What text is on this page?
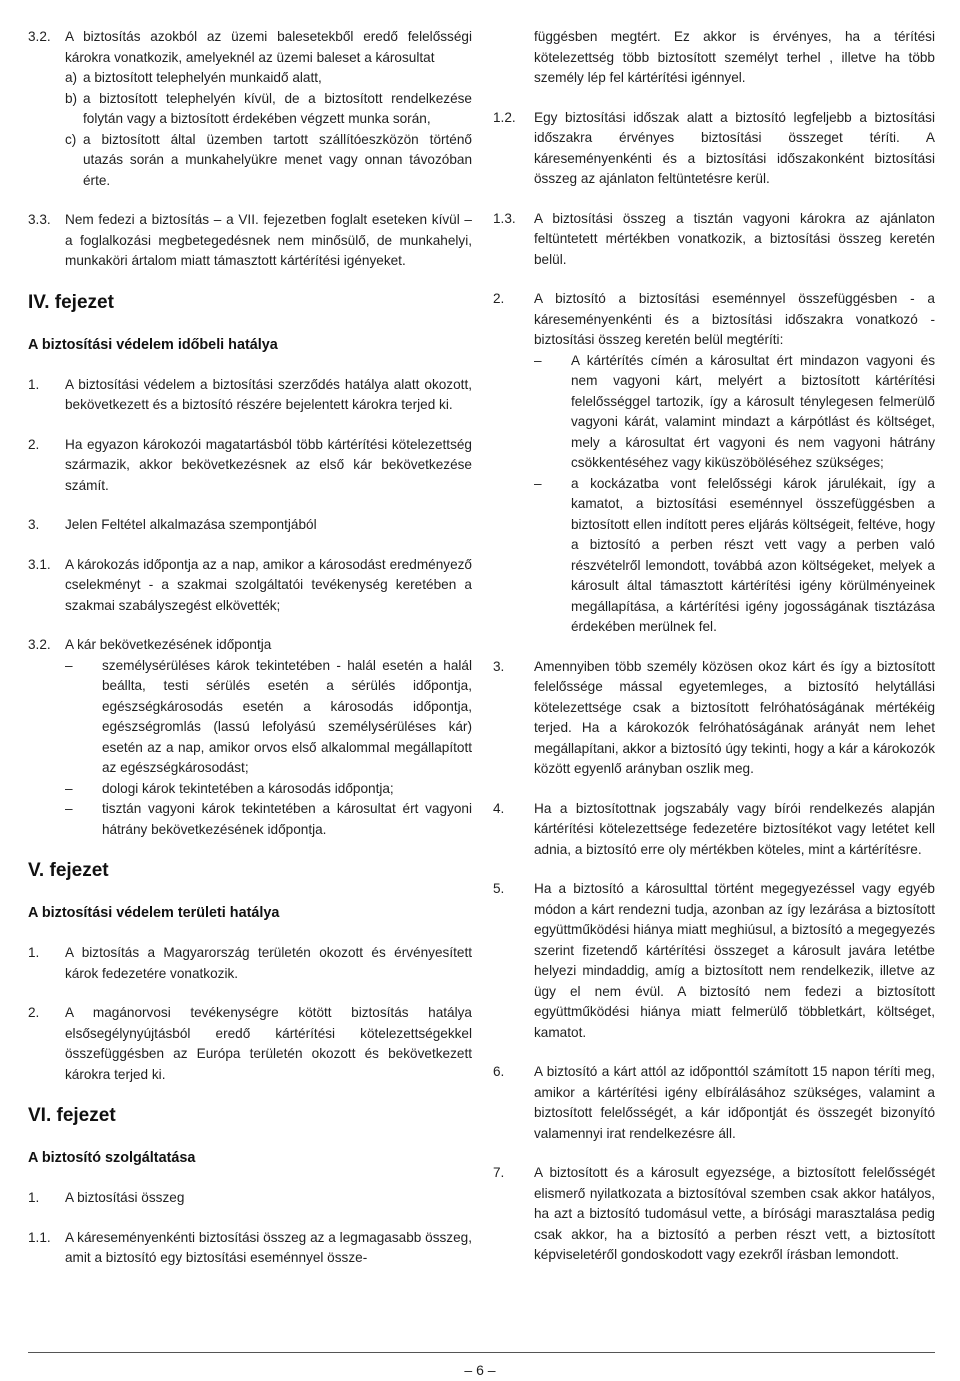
3.2.	A biztosítás azokból az üzemi balesetekből eredő felelősségi károkra vonatkozik, amelyeknél az üzemi baleset a károsultat

a) a biztosított telephelyén munkaidő alatt,
b) a biztosított telephelyén kívül, de a biztosított rendelkezése folytán vagy a biztosított érdekében végzett munka során,
c) a biztosított által üzemben tartott szállítóeszközön történő utazás során a munkahelyükre menet vagy onnan távozóban érte.
3.3.	Nem fedezi a biztosítás – a VII. fejezetben foglalt eseteken kívül – a foglalkozási megbetegedésnek nem minősülő, de munkahelyi, munkaköri ártalom miatt támasztott kártérítési igényeket.
IV. fejezet
A biztosítási védelem időbeli hatálya
1.	A biztosítási védelem a biztosítási szerződés hatálya alatt okozott, bekövetkezett és a biztosító részére bejelentett károkra terjed ki.
2.	Ha egyazon károkozói magatartásból több kártérítési kötelezettség származik, akkor bekövetkezésnek az első kár bekövetkezése számít.
3.	Jelen Feltétel alkalmazása szempontjából
3.1.	A károkozás időpontja az a nap, amikor a károsodást eredményező cselekményt - a szakmai szolgáltatói tevékenység keretében a szakmai szabályszegést elkövették;
3.2.	A kár bekövetkezésének időpontja

–
személysérüléses károk tekintetében - halál esetén a halál beállta, testi sérülés esetén a sérülés időpontja, egészségkárosodás esetén a károsodás időpontja, egészségromlás (lassú lefolyású személysérüléses kár) esetén az a nap, amikor orvos első alkalommal megállapított az egészségkárosodást;
–
dologi károk tekintetében a károsodás időpontja;
–
tisztán vagyoni károk tekintetében a károsultat ért vagyoni hátrány bekövetkezésének időpontja.
V. fejezet
A biztosítási védelem területi hatálya
1.	A biztosítás a Magyarország területén okozott és érvényesített károk fedezetére vonatkozik.
2.	A magánorvosi tevékenységre kötött biztosítás hatálya elsősegélynyújtásból eredő kártérítési kötelezettségekkel összefüggésben az Európa területén okozott és bekövetkezett károkra terjed ki.
VI. fejezet
A biztosító szolgáltatása
1.	A biztosítási összeg
1.1.	A káreseményenkénti biztosítási összeg az a legmagasabb összeg, amit a biztosító egy biztosítási eseménnyel össze-
függésben megtért. Ez akkor is érvényes, ha a térítési kötelezettség több biztosított személyt terhel , illetve ha több személy lép fel kártérítési igénnyel.
1.2.	Egy biztosítási időszak alatt a biztosító legfeljebb a biztosítási időszakra érvényes biztosítási összeget téríti. A káreseményenkénti és a biztosítási időszakonként biztosítási összeg az ajánlaton feltüntetésre kerül.
1.3.	A biztosítási összeg a tisztán vagyoni károkra az ajánlaton feltüntetett mértékben vonatkozik, a biztosítási összeg keretén belül.
2.	A biztosító a biztosítási eseménnyel összefüggésben - a káreseményenkénti és a biztosítási időszakra vonatkozó - biztosítási összeg keretén belül megtéríti:

–
A kártérítés címén a károsultat ért mindazon vagyoni és nem vagyoni kárt, melyért a biztosított kártérítési felelősséggel tartozik, így a károsult ténylegesen felmerülő vagyoni kárát, valamint mindazt a kárpótlást és költséget, mely a károsultat ért vagyoni és nem vagyoni hátrány csökkentéséhez vagy kiküszöböléséhez szükséges;
–
a kockázatba vont felelősségi károk járulékait, így a kamatot, a biztosítási eseménnyel összefüggésben a biztosított ellen indított peres eljárás költségeit, feltéve, hogy a biztosító a perben részt vett vagy a perben való részvételről lemondott, továbbá azon költségeket, melyek a károsult által támasztott kártérítési igény körülményeinek megállapítása, a kártérítési igény jogosságának tisztázása érdekében merülnek fel.
3.	Amennyiben több személy közösen okoz kárt és így a biztosított felelőssége mással egyetemleges, a biztosító helytállási kötelezettsége csak a biztosított felróhatóságának mértékéig terjed. Ha a károkozók felróhatóságának arányát nem lehet megállapítani, akkor a biztosító úgy tekinti, hogy a kár a károkozók között egyenlő arányban oszlik meg.
4.	Ha a biztosítottnak jogszabály vagy bírói rendelkezés alapján kártérítési kötelezettsége fedezetére biztosítékot vagy letétet kell adnia, a biztosító erre oly mértékben köteles, mint a kártérítésre.
5.	Ha a biztosító a károsulttal történt megegyezéssel vagy egyéb módon a kárt rendezni tudja, azonban az így lezárása a biztosított együttműködési hiánya miatt meghiúsul, a biztosító a megegyezés szerint fizetendő kártérítési összeget a károsult javára letétbe helyezi mindaddig, amíg a biztosított nem rendelkezik, illetve az ügy el nem évül. A biztosító nem fedezi a biztosított együttműködési hiánya miatt felmerülő többletkárt, költséget, kamatot.
6.	A biztosító a kárt attól az időponttól számított 15 napon téríti meg, amikor a kártérítési igény elbírálásához szükséges, valamint a biztosított felelősségét, a kár időpontját és összegét bizonyító valamennyi irat rendelkezésre áll.
7.	A biztosított és a károsult egyezsége, a biztosított felelősségét elismerő nyilatkozata a biztosítóval szemben csak akkor hatályos, ha azt a biztosító tudomásul vette, a bírósági marasztalása pedig csak akkor, ha a biztosító a perben részt vett, a biztosított képviseletéről gondoskodott vagy ezekről írásban lemondott.
– 6 –
